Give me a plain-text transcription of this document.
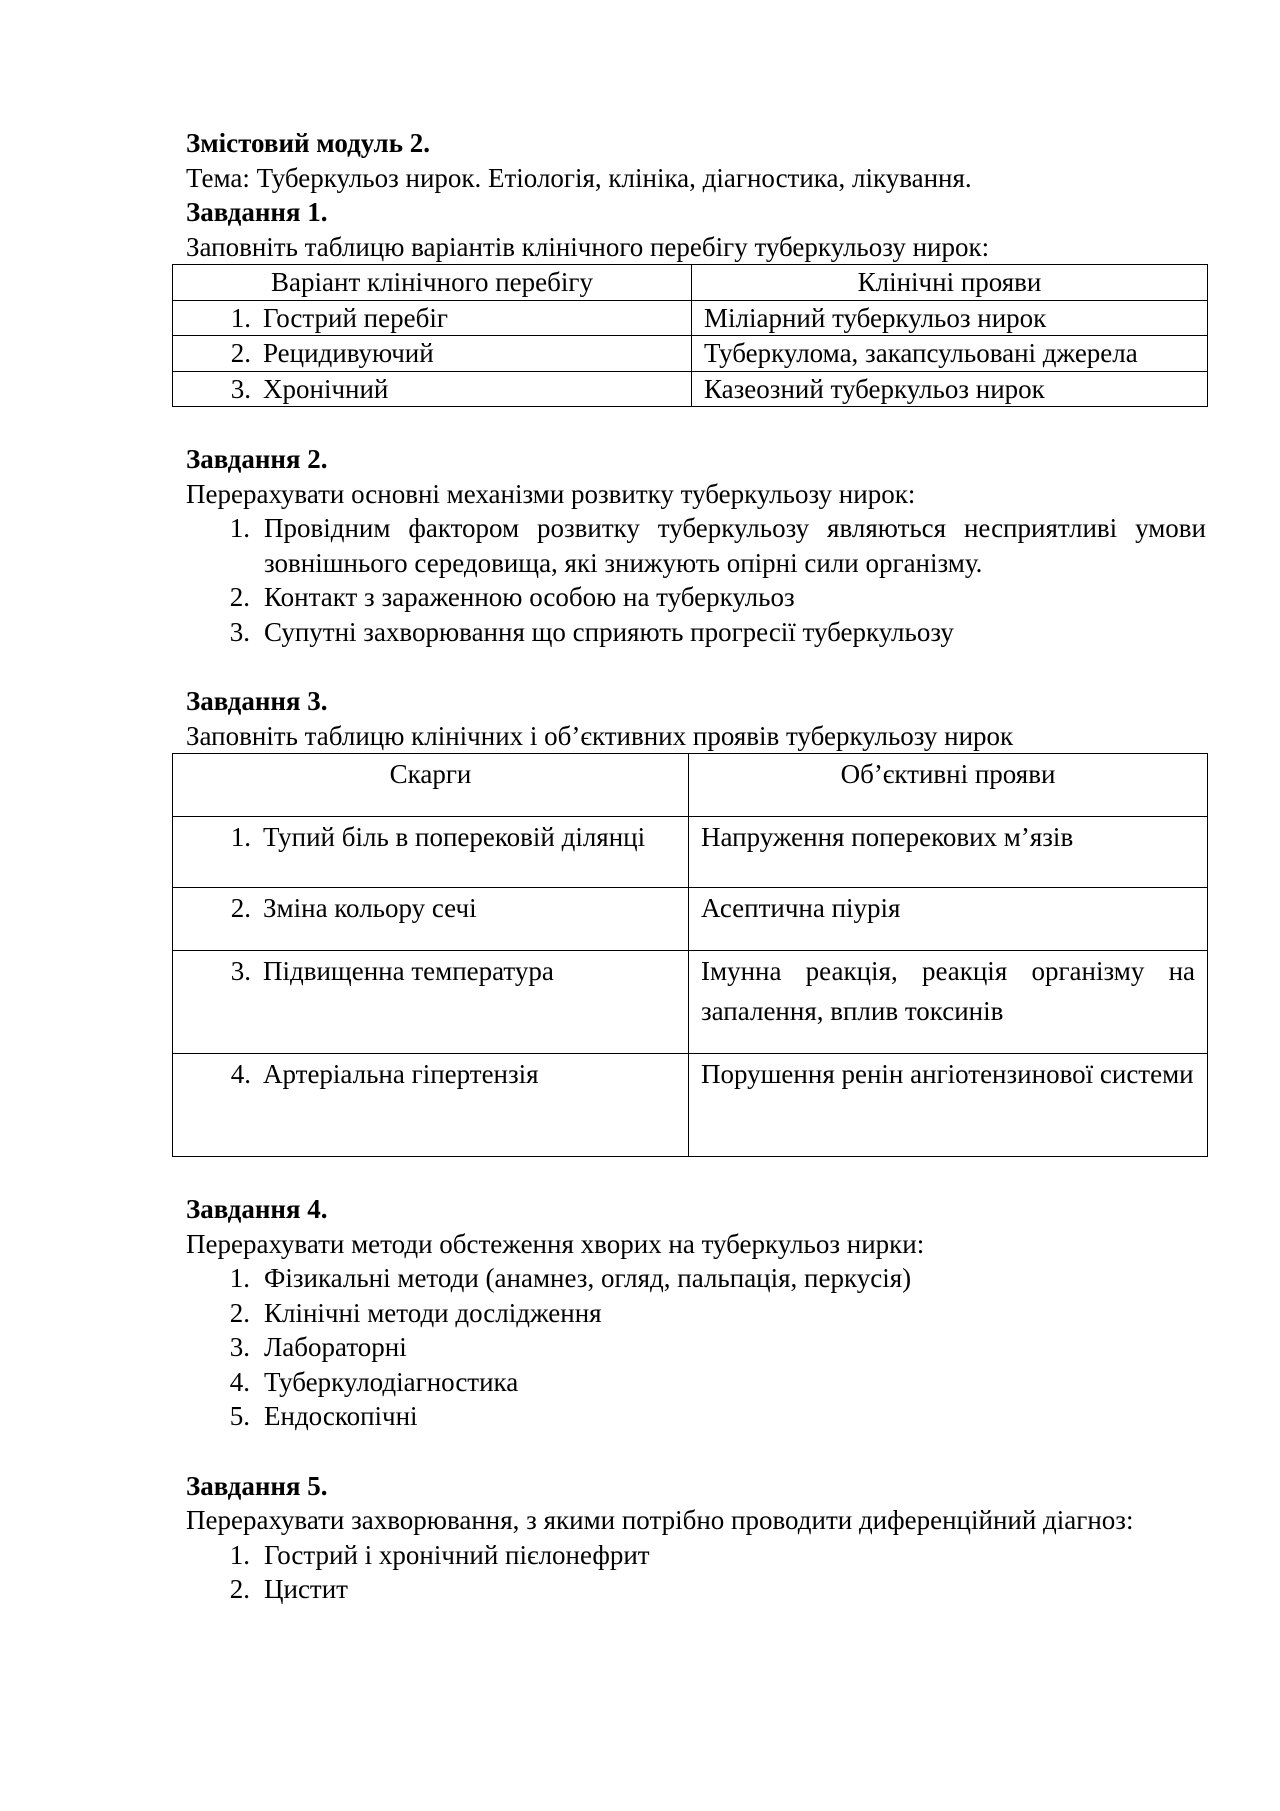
Змістовий модуль 2.

Тема: Туберкульоз нирок. Етіологія, клініка, діагностика, лікування.

Завдання 1.

Заповніть таблицю варіантів клінічного перебігу туберкульозу нирок:

Варіант клінічного перебігу	Клінічні прояви

1. Гострий перебіг	Міліарний туберкульоз нирок

2. Рецидивуючий	Туберкулома, закапсульовані джерела

3. Хронічний	Казеозний туберкульоз нирок

Завдання 2.

Перерахувати основні механізми розвитку туберкульозу нирок:

1. Провідним фактором розвитку туберкульозу являються несприятливі умови зовнішнього середовища, які знижують опірні сили організму.
2. Контакт з зараженною особою на туберкульоз
3. Супутні захворювання що сприяють прогресії туберкульозу

Завдання 3.

Заповніть таблицю клінічних і об’єктивних проявів туберкульозу нирок

Скарги	Об’єктивні прояви

1. Тупий біль в поперековій ділянці	Напруження поперекових м’язів

2. Зміна кольору сечі	Асептична піурія

3. Підвищенна температура	Імунна реакція, реакція організму на запалення, вплив токсинів

4. Артеріальна гіпертензія	Порушення ренін ангіотензинової системи

Завдання 4.

Перерахувати методи обстеження хворих на туберкульоз нирки:

1. Фізикальні методи (анамнез, огляд, пальпація, перкусія)
2. Клінічні методи дослідження
3. Лабораторні
4. Туберкулодіагностика
5. Ендоскопічні

Завдання 5.

Перерахувати захворювання, з якими потрібно проводити диференційний діагноз:

1. Гострий і хронічний пієлонефрит
2. Цистит
